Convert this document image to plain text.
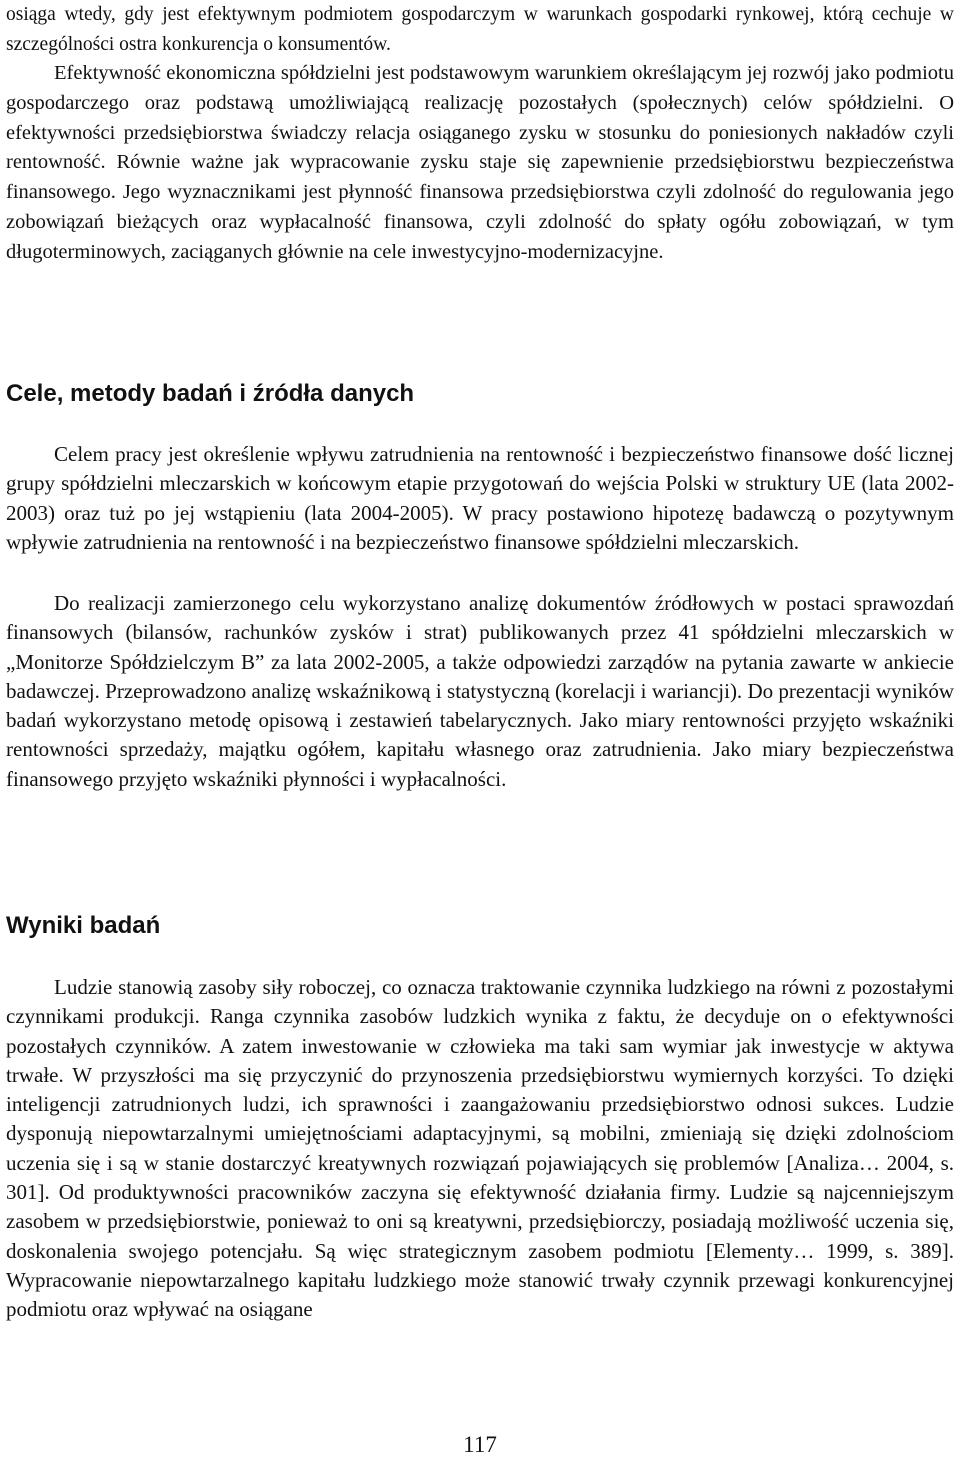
osiąga wtedy, gdy jest efektywnym podmiotem gospodarczym w warunkach gospodarki rynkowej, którą cechuje w szczególności ostra konkurencja o konsumentów.

Efektywność ekonomiczna spółdzielni jest podstawowym warunkiem określającym jej rozwój jako podmiotu gospodarczego oraz podstawą umożliwiającą realizację pozostałych (społecznych) celów spółdzielni. O efektywności przedsiębiorstwa świadczy relacja osiąganego zysku w stosunku do poniesionych nakładów czyli rentowność. Równie ważne jak wypracowanie zysku staje się zapewnienie przedsiębiorstwu bezpieczeństwa finansowego. Jego wyznacznikami jest płynność finansowa przedsiębiorstwa czyli zdolność do regulowania jego zobowiązań bieżących oraz wypłacalność finansowa, czyli zdolność do spłaty ogółu zobowiązań, w tym długoterminowych, zaciąganych głównie na cele inwestycyjno-modernizacyjne.

Cele, metody badań i źródła danych

Celem pracy jest określenie wpływu zatrudnienia na rentowność i bezpieczeństwo finansowe dość licznej grupy spółdzielni mleczarskich w końcowym etapie przygotowań do wejścia Polski w struktury UE (lata 2002-2003) oraz tuż po jej wstąpieniu (lata 2004-2005). W pracy postawiono hipotezę badawczą o pozytywnym wpływie zatrudnienia na rentowność i na bezpieczeństwo finansowe spółdzielni mleczarskich.

Do realizacji zamierzonego celu wykorzystano analizę dokumentów źródłowych w postaci sprawozdań finansowych (bilansów, rachunków zysków i strat) publikowanych przez 41 spółdzielni mleczarskich w „Monitorze Spółdzielczym B” za lata 2002-2005, a także odpowiedzi zarządów na pytania zawarte w ankiecie badawczej. Przeprowadzono analizę wskaźnikową i statystyczną (korelacji i wariancji). Do prezentacji wyników badań wykorzystano metodę opisową i zestawień tabelarycznych. Jako miary rentowności przyjęto wskaźniki rentowności sprzedaży, majątku ogółem, kapitału własnego oraz zatrudnienia. Jako miary bezpieczeństwa finansowego przyjęto wskaźniki płynności i wypłacalności.

Wyniki badań

Ludzie stanowią zasoby siły roboczej, co oznacza traktowanie czynnika ludzkiego na równi z pozostałymi czynnikami produkcji. Ranga czynnika zasobów ludzkich wynika z faktu, że decyduje on o efektywności pozostałych czynników. A zatem inwestowanie w człowieka ma taki sam wymiar jak inwestycje w aktywa trwałe. W przyszłości ma się przyczynić do przynoszenia przedsiębiorstwu wymiernych korzyści. To dzięki inteligencji zatrudnionych ludzi, ich sprawności i zaangażowaniu przedsiębiorstwo odnosi sukces. Ludzie dysponują niepowtarzalnymi umiejętnościami adaptacyjnymi, są mobilni, zmieniają się dzięki zdolnościom uczenia się i są w stanie dostarczyć kreatywnych rozwiązań pojawiających się problemów [Analiza… 2004, s. 301]. Od produktywności pracowników zaczyna się efektywność działania firmy. Ludzie są najcenniejszym zasobem w przedsiębiorstwie, ponieważ to oni są kreatywni, przedsiębiorczy, posiadają możliwość uczenia się, doskonalenia swojego potencjału. Są więc strategicznym zasobem podmiotu [Elementy… 1999, s. 389]. Wypracowanie niepowtarzalnego kapitału ludzkiego może stanowić trwały czynnik przewagi konkurencyjnej podmiotu oraz wpływać na osiągane

117
